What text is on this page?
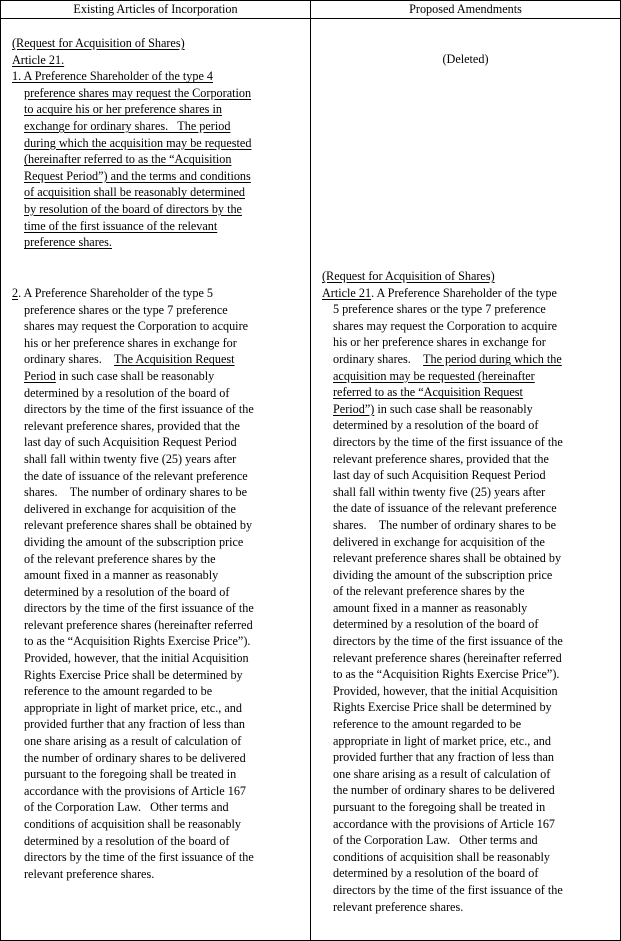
Existing Articles of Incorporation	Proposed Amendments
(Request for Acquisition of Shares)
Article 21.
1. A Preference Shareholder of the type 4
preference shares may request the Corporation
to acquire his or her preference shares in
exchange for ordinary shares.   The period
during which the acquisition may be requested
(hereinafter referred to as the “Acquisition
Request Period”) and the terms and conditions
of acquisition shall be reasonably determined
by resolution of the board of directors by the
time of the first issuance of the relevant
preference shares.
2. A Preference Shareholder of the type 5
preference shares or the type 7 preference
shares may request the Corporation to acquire
his or her preference shares in exchange for
ordinary shares.    The Acquisition Request
Period in such case shall be reasonably
determined by a resolution of the board of
directors by the time of the first issuance of the
relevant preference shares, provided that the
last day of such Acquisition Request Period
shall fall within twenty five (25) years after
the date of issuance of the relevant preference
shares.    The number of ordinary shares to be
delivered in exchange for acquisition of the
relevant preference shares shall be obtained by
dividing the amount of the subscription price
of the relevant preference shares by the
amount fixed in a manner as reasonably
determined by a resolution of the board of
directors by the time of the first issuance of the
relevant preference shares (hereinafter referred
to as the “Acquisition Rights Exercise Price”).
Provided, however, that the initial Acquisition
Rights Exercise Price shall be determined by
reference to the amount regarded to be
appropriate in light of market price, etc., and
provided further that any fraction of less than
one share arising as a result of calculation of
the number of ordinary shares to be delivered
pursuant to the foregoing shall be treated in
accordance with the provisions of Article 167
of the Corporation Law.   Other terms and
conditions of acquisition shall be reasonably
determined by a resolution of the board of
directors by the time of the first issuance of the
relevant preference shares.
(Deleted)
(Request for Acquisition of Shares)
Article 21. A Preference Shareholder of the type
5 preference shares or the type 7 preference
shares may request the Corporation to acquire
his or her preference shares in exchange for
ordinary shares.    The period during which the
acquisition may be requested (hereinafter
referred to as the “Acquisition Request
Period”) in such case shall be reasonably
determined by a resolution of the board of
directors by the time of the first issuance of the
relevant preference shares, provided that the
last day of such Acquisition Request Period
shall fall within twenty five (25) years after
the date of issuance of the relevant preference
shares.    The number of ordinary shares to be
delivered in exchange for acquisition of the
relevant preference shares shall be obtained by
dividing the amount of the subscription price
of the relevant preference shares by the
amount fixed in a manner as reasonably
determined by a resolution of the board of
directors by the time of the first issuance of the
relevant preference shares (hereinafter referred
to as the “Acquisition Rights Exercise Price”).
Provided, however, that the initial Acquisition
Rights Exercise Price shall be determined by
reference to the amount regarded to be
appropriate in light of market price, etc., and
provided further that any fraction of less than
one share arising as a result of calculation of
the number of ordinary shares to be delivered
pursuant to the foregoing shall be treated in
accordance with the provisions of Article 167
of the Corporation Law.   Other terms and
conditions of acquisition shall be reasonably
determined by a resolution of the board of
directors by the time of the first issuance of the
relevant preference shares.
